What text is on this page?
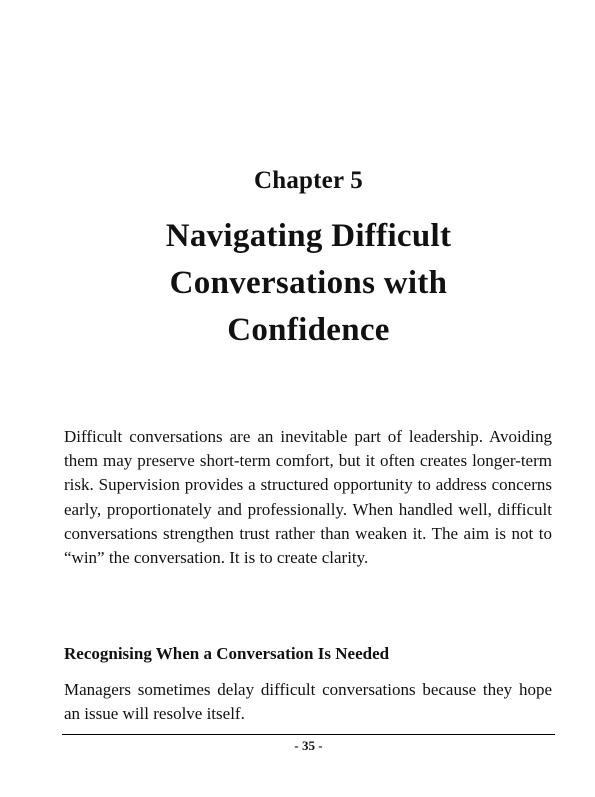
Chapter 5
Navigating Difficult
Conversations with
Confidence

Difficult conversations are an inevitable part of leadership. Avoiding them may preserve short-term comfort, but it often creates longer-term risk. Supervision provides a structured opportunity to address concerns early, proportionately and professionally. When handled well, difficult conversations strengthen trust rather than weaken it. The aim is not to “win” the conversation. It is to create clarity.

Recognising When a Conversation Is Needed

Managers sometimes delay difficult conversations because they hope an issue will resolve itself.

- 35 -
